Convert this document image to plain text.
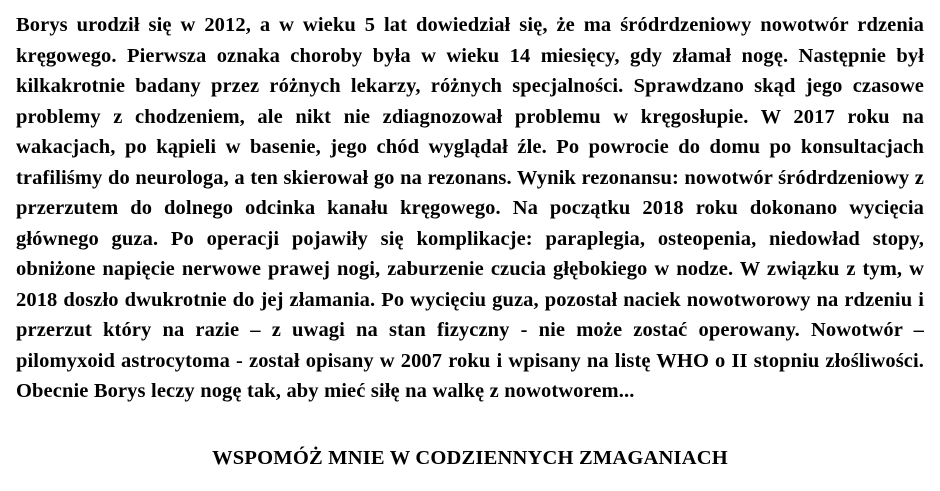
Borys urodził się w 2012, a w wieku 5 lat dowiedział się, że ma śródrdzeniowy nowotwór rdzenia kręgowego. Pierwsza oznaka choroby była w wieku 14 miesięcy, gdy złamał nogę. Następnie był kilkakrotnie badany przez różnych lekarzy, różnych specjalności. Sprawdzano skąd jego czasowe problemy z chodzeniem, ale nikt nie zdiagnozował problemu w kręgosłupie. W 2017 roku na wakacjach, po kąpieli w basenie, jego chód wyglądał źle. Po powrocie do domu po konsultacjach trafiliśmy do neurologa, a ten skierował go na rezonans. Wynik rezonansu: nowotwór śródrdzeniowy z przerzutem do dolnego odcinka kanału kręgowego. Na początku 2018 roku dokonano wycięcia głównego guza. Po operacji pojawiły się komplikacje: paraplegia, osteopenia, niedowład stopy, obniżone napięcie nerwowe prawej nogi, zaburzenie czucia głębokiego w nodze. W związku z tym, w 2018 doszło dwukrotnie do jej złamania. Po wycięciu guza, pozostał naciek nowotworowy na rdzeniu i przerzut który na razie – z uwagi na stan fizyczny - nie może zostać operowany. Nowotwór – pilomyxoid astrocytoma - został opisany w 2007 roku i wpisany na listę WHO o II stopniu złośliwości. Obecnie Borys leczy nogę tak, aby mieć siłę na walkę z nowotworem...

WSPOMÓŻ MNIE W CODZIENNYCH ZMAGANIACH
